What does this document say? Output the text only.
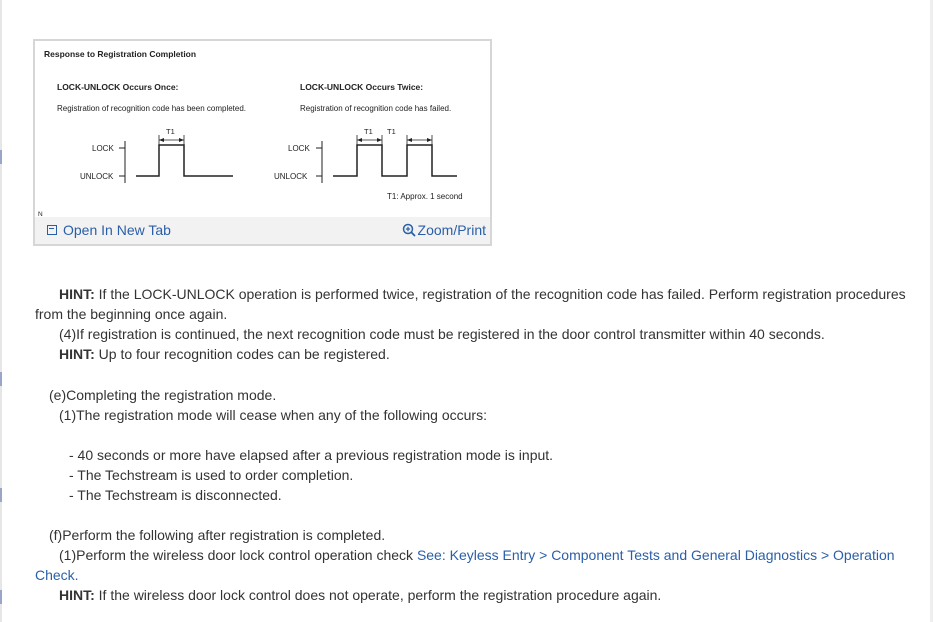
Response to Registration Completion
LOCK-UNLOCK Occurs Once:
Registration of recognition code has been completed.
LOCK-UNLOCK Occurs Twice:
Registration of recognition code has failed.
LOCK
UNLOCK
T1
LOCK
UNLOCK
T1 T1
T1: Approx. 1 second
N
Open In New Tab	Zoom/Print
HINT: If the LOCK-UNLOCK operation is performed twice, registration of the recognition code has failed. Perform registration procedures
from the beginning once again.
(4)If registration is continued, the next recognition code must be registered in the door control transmitter within 40 seconds.
HINT: Up to four recognition codes can be registered.
(e)Completing the registration mode.
(1)The registration mode will cease when any of the following occurs:
- 40 seconds or more have elapsed after a previous registration mode is input.
- The Techstream is used to order completion.
- The Techstream is disconnected.
(f)Perform the following after registration is completed.
(1)Perform the wireless door lock control operation check See: Keyless Entry > Component Tests and General Diagnostics > Operation
Check.
HINT: If the wireless door lock control does not operate, perform the registration procedure again.
